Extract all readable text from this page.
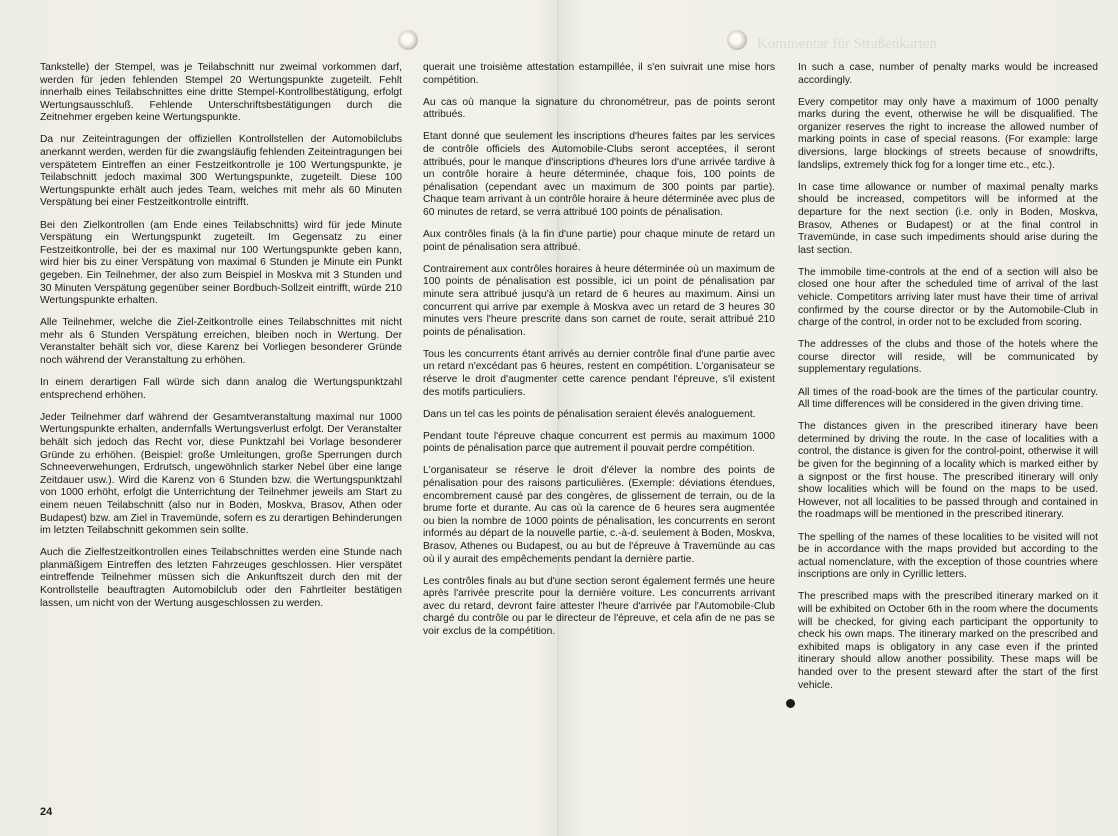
Kommentar für Straßenkarten

Tankstelle) der Stempel, was je Teilabschnitt nur zweimal vorkommen darf, werden für jeden fehlenden Stempel 20 Wertungspunkte zugeteilt. Fehlt innerhalb eines Teilabschnittes eine dritte Stempel-Kontrollbestätigung, erfolgt Wertungsausschluß. Fehlende Unterschriftsbestätigungen durch die Zeitnehmer ergeben keine Wertungspunkte.

Da nur Zeiteintragungen der offiziellen Kontrollstellen der Automobilclubs anerkannt werden, werden für die zwangsläufig fehlenden Zeiteintragungen bei verspätetem Eintreffen an einer Festzeitkontrolle je 100 Wertungspunkte, je Teilabschnitt jedoch maximal 300 Wertungspunkte, zugeteilt. Diese 100 Wertungspunkte erhält auch jedes Team, welches mit mehr als 60 Minuten Verspätung bei einer Festzeitkontrolle eintrifft.

Bei den Zielkontrollen (am Ende eines Teilabschnitts) wird für jede Minute Verspätung ein Wertungspunkt zugeteilt. Im Gegensatz zu einer Festzeitkontrolle, bei der es maximal nur 100 Wertungspunkte geben kann, wird hier bis zu einer Verspätung von maximal 6 Stunden je Minute ein Punkt gegeben. Ein Teilnehmer, der also zum Beispiel in Moskva mit 3 Stunden und 30 Minuten Verspätung gegenüber seiner Bordbuch-Sollzeit eintrifft, würde 210 Wertungspunkte erhalten.

Alle Teilnehmer, welche die Ziel-Zeitkontrolle eines Teilabschnittes mit nicht mehr als 6 Stunden Verspätung erreichen, bleiben noch in Wertung. Der Veranstalter behält sich vor, diese Karenz bei Vorliegen besonderer Gründe noch während der Veranstaltung zu erhöhen.

In einem derartigen Fall würde sich dann analog die Wertungspunktzahl entsprechend erhöhen.

Jeder Teilnehmer darf während der Gesamtveranstaltung maximal nur 1000 Wertungspunkte erhalten, andernfalls Wertungsverlust erfolgt. Der Veranstalter behält sich jedoch das Recht vor, diese Punktzahl bei Vorlage besonderer Gründe zu erhöhen. (Beispiel: große Umleitungen, große Sperrungen durch Schneeverwehungen, Erdrutsch, ungewöhnlich starker Nebel über eine lange Zeitdauer usw.). Wird die Karenz von 6 Stunden bzw. die Wertungspunktzahl von 1000 erhöht, erfolgt die Unterrichtung der Teilnehmer jeweils am Start zu einem neuen Teilabschnitt (also nur in Boden, Moskva, Brasov, Athen oder Budapest) bzw. am Ziel in Travemünde, sofern es zu derartigen Behinderungen im letzten Teilabschnitt gekommen sein sollte.

Auch die Zielfestzeitkontrollen eines Teilabschnittes werden eine Stunde nach planmäßigem Eintreffen des letzten Fahrzeuges geschlossen. Hier verspätet eintreffende Teilnehmer müssen sich die Ankunftszeit durch den mit der Kontrollstelle beauftragten Automobilclub oder den Fahrtleiter bestätigen lassen, um nicht von der Wertung ausgeschlossen zu werden.

querait une troisième attestation estampillée, il s'en suivrait une mise hors compétition.

Au cas où manque la signature du chronométreur, pas de points seront attribués.

Etant donné que seulement les inscriptions d'heures faites par les services de contrôle officiels des Automobile-Clubs seront acceptées, il seront attribués, pour le manque d'inscriptions d'heures lors d'une arrivée tardive à un contrôle horaire à heure déterminée, chaque fois, 100 points de pénalisation (cependant avec un maximum de 300 points par partie). Chaque team arrivant à un contrôle horaire à heure déterminée avec plus de 60 minutes de retard, se verra attribué 100 points de pénalisation.

Aux contrôles finals (à la fin d'une partie) pour chaque minute de retard un point de pénalisation sera attribué.

Contrairement aux contrôles horaires à heure déterminée où un maximum de 100 points de pénalisation est possible, ici un point de pénalisation par minute sera attribué jusqu'à un retard de 6 heures au maximum. Ainsi un concurrent qui arrive par exemple à Moskva avec un retard de 3 heures 30 minutes vers l'heure prescrite dans son carnet de route, serait attribué 210 points de pénalisation.

Tous les concurrents étant arrivés au dernier contrôle final d'une partie avec un retard n'excédant pas 6 heures, restent en compétition. L'organisateur se réserve le droit d'augmenter cette carence pendant l'épreuve, s'il existent des motifs particuliers.

Dans un tel cas les points de pénalisation seraient élevés analoguement.

Pendant toute l'épreuve chaque concurrent est permis au maximum 1000 points de pénalisation parce que autrement il pouvait perdre compétition.

L'organisateur se réserve le droit d'élever la nombre des points de pénalisation pour des raisons particulières. (Exemple: déviations étendues, encombrement causé par des congères, de glissement de terrain, ou de la brume forte et durante. Au cas où la carence de 6 heures sera augmentée ou bien la nombre de 1000 points de pénalisation, les concurrents en seront informés au départ de la nouvelle partie, c.-à-d. seulement à Boden, Moskva, Brasov, Athenes ou Budapest, ou au but de l'épreuve à Travemünde au cas où il y aurait des empêchements pendant la dernière partie.

Les contrôles finals au but d'une section seront également fermés une heure après l'arrivée prescrite pour la dernière voiture. Les concurrents arrivant avec du retard, devront faire attester l'heure d'arrivée par l'Automobile-Club chargé du contrôle ou par le directeur de l'épreuve, et cela afin de ne pas se voir exclus de la compétition.

In such a case, number of penalty marks would be increased accordingly.

Every competitor may only have a maximum of 1000 penalty marks during the event, otherwise he will be disqualified. The organizer reserves the right to increase the allowed number of marking points in case of special reasons. (For example: large diversions, large blockings of streets because of snowdrifts, landslips, extremely thick fog for a longer time etc., etc.).

In case time allowance or number of maximal penalty marks should be increased, competitors will be informed at the departure for the next section (i.e. only in Boden, Moskva, Brasov, Athenes or Budapest) or at the final control in Travemünde, in case such impediments should arise during the last section.

The immobile time-controls at the end of a section will also be closed one hour after the scheduled time of arrival of the last vehicle. Competitors arriving later must have their time of arrival confirmed by the course director or by the Automobile-Club in charge of the control, in order not to be excluded from scoring.

The addresses of the clubs and those of the hotels where the course director will reside, will be communicated by supplementary regulations.

All times of the road-book are the times of the particular country. All time differences will be considered in the given driving time.

The distances given in the prescribed itinerary have been determined by driving the route. In the case of localities with a control, the distance is given for the control-point, otherwise it will be given for the beginning of a locality which is marked either by a signpost or the first house. The prescribed itinerary will only show localities which will be found on the maps to be used. However, not all localities to be passed through and contained in the roadmaps will be mentioned in the prescribed itinerary.

The spelling of the names of these localities to be visited will not be in accordance with the maps provided but according to the actual nomenclature, with the exception of those countries where inscriptions are only in Cyrillic letters.

The prescribed maps with the prescribed itinerary marked on it will be exhibited on October 6th in the room where the documents will be checked, for giving each participant the opportunity to check his own maps. The itinerary marked on the prescribed and exhibited maps is obligatory in any case even if the printed itinerary should allow another possibility. These maps will be handed over to the present steward after the start of the first vehicle.

24
